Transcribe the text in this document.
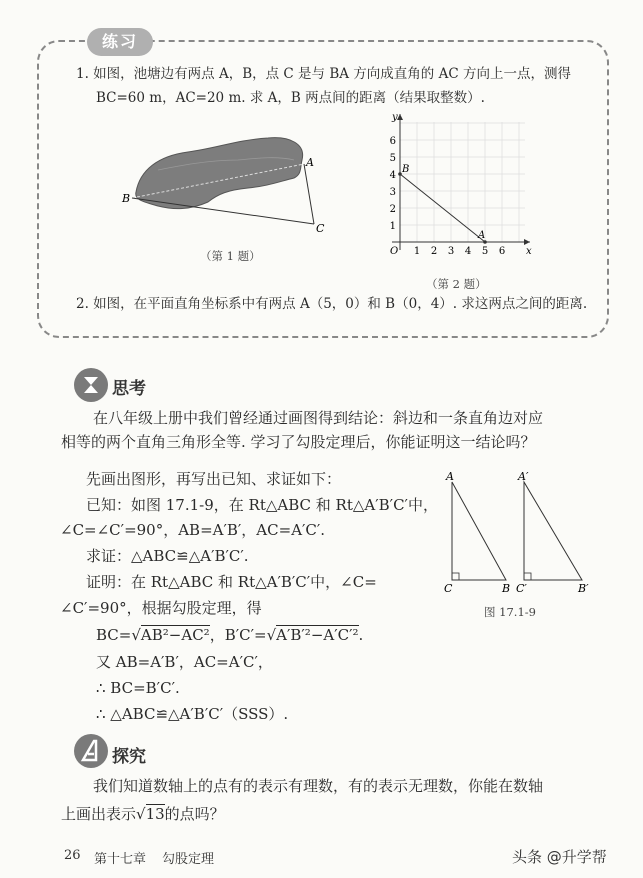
练习
1. 如图，池塘边有两点 A，B，点 C 是与 BA 方向成直角的 AC 方向上一点，测得
BC=60 m，AC=20 m. 求 A，B 两点间的距离（结果取整数）.
A
B
C
（第 1 题）	x
y
O 1 2 3 4 5 6
1
2
3
4
5
6
B
A
（第 2 题）
2. 如图，在平面直角坐标系中有两点 A（5，0）和 B（0，4）. 求这两点之间的距离.
思考
在八年级上册中我们曾经通过画图得到结论：斜边和一条直角边对应
相等的两个直角三角形全等. 学习了勾股定理后，你能证明这一结论吗？
先画出图形，再写出已知、求证如下：
已知：如图 17.1-9，在 Rt△ABC 和 Rt△A′B′C′中，
∠C=∠C′=90°，AB=A′B′，AC=A′C′.
求证：△ABC≌△A′B′C′.
证明：在 Rt△ABC 和 Rt△A′B′C′中，∠C=
∠C′=90°，根据勾股定理，得
BC=√AB²−AC²，B′C′=√A′B′²−A′C′².
又 AB=A′B′，AC=A′C′，
∴ BC=B′C′.
∴ △ABC≌△A′B′C′（SSS）.
A
C	B
A′
C′	B′
图 17.1-9
探究
我们知道数轴上的点有的表示有理数，有的表示无理数，你能在数轴
上画出表示√13的点吗？
26 第十七章 勾股定理	头条 @升学帮
